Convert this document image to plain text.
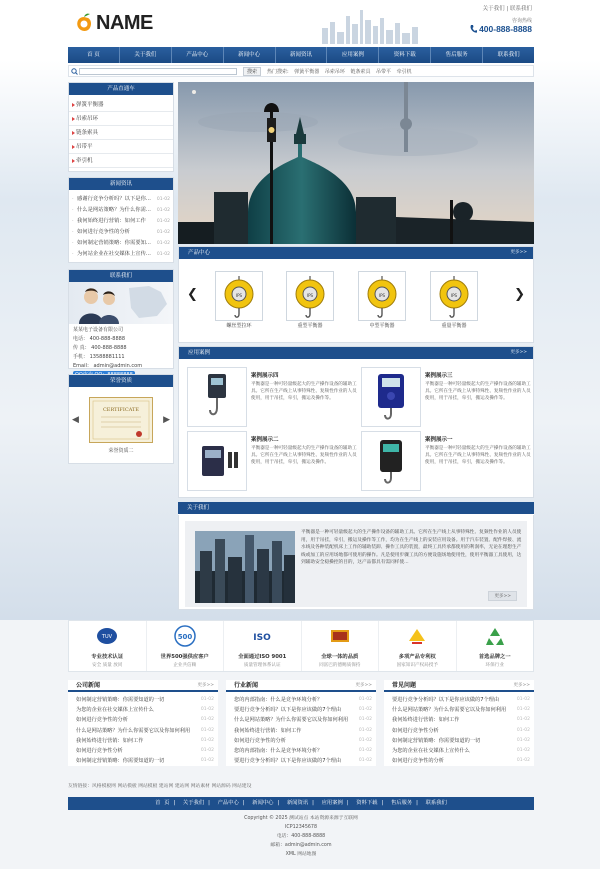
NAME
关于我们 | 联系我们
咨询热线
400-888-8888
首 页	关于我们	产品中心	新闻中心	新闻资讯	应用案例	资料下载	售后服务	联系我们
搜索	热门搜索: 弹簧平衡器 吊索吊环 链条索具 吊带平 牵引机
产品直通车
弹簧平衡器
吊索吊环
链条索具
吊带平
牵引机
新闻资讯
· 感谢行竞争分析吗？以下是你... 01-02
· 什么是网站策略？为什么你需... 01-02
· 我何始终进行营销：如何工作 01-02
· 如何进行竞争性的分析	01-02
· 如何制定营销策略：你需要知... 01-02
· 为何站企业在社交媒体上宣传... 01-02
联系我们
某某电子设备有限公司
电话： 400-888-8888
传 真： 400-888-8888
手机： 13588881111
Email： admin@admin.com
荣誉资质
◀	▶
CERTIFICATE
荣誉资质二
产品中心	更多>>
❮	❯
IPS	IPS	IPS	IPS
螺丝型拉环	重型平衡器	中型平衡器	重量平衡器
应用案例	更多>>
案例展示四
平衡器是一种可轻量级起大的生产操作设备的辅助工具。它所在生产线上从事特殊性、复频性作业的人员使用，用于吊挂，牵引，搬运及操作等。
案例展示三
平衡器是一种可轻量级起大的生产操作设备的辅助工具。它所在生产线上从事特殊性、复频性作业的人员使用，用于吊挂，牵引，搬运及操作等。
案例展示二
平衡器是一种可轻量级起大的生产操作设备的辅助工具。它所在生产线上从事特殊性、复频性作业的人员使用，用于吊挂，牵引，搬运及操作。
案例展示一
平衡器是一种可轻量级起大的生产操作设备的辅助工具。它所在生产线上从事特殊性、复频性作业的人员使用，用于吊挂，牵引，搬运及操作等。
关于我们
平衡器是一种可轻量级起大的生产操作设备的辅助工具。它所在生产线上从事特殊性、复频性作业的人员使用，用于吊挂，牵引，搬运及操作等工作，均为在生产线上的安装应用设备。用于汽车装置、配件焊接、流水线及各种装配机床上工作的辅助装卸、操作工具的装置，最终工具传承都使用的利润率，无论在理想生产线或加工的应用场地都可使用的操作。凡是使用步骤工具的方便设施场地使用性，使用平衡器工具使用，达到辅助安全稳操控的目的，这产品都具有需同样使...
更多>>
TUV
专业技术认证
安全 质量 放同
500
世界500强供应客户
企业共信赖
ISO
全面通过ISO 9001
质量管理体系认证
全球一体的品质
同富巴的德赐质保持
多项产品专利权
国家知识产权局授予
首选品牌之一
环保行业
公司新闻	更多>>
如何制定营销策略：你需要知道的一切	01-02
为您的企业在社交媒体上宣传什么	01-02
如何进行竞争性的分析	01-02
什么是网站策略？为什么你需要它以及你如何利用 01-02
我何始终进行营销：如何工作	01-02
如何进行竞争性分析	01-02
如何制定营销策略：你需要知道的一切	01-02
行业新闻	更多>>
您的内部指南：什么是竞争环境分析？	01-02
要进行竞争分析吗？以下是你应该做的7个理由	01-02
什么是网站策略？为什么你需要它以及你如何利用 01-02
我何始终进行营销：如何工作	01-02
如何进行竞争性的分析	01-02
您的内部指南：什么是竞争环境分析？	01-02
要进行竞争分析吗？以下是你应该做的7个理由	01-02
常见问题	更多>>
要进行竞争分析吗？以下是你应该做的7个理由	01-02
什么是网站策略？为什么你需要它以及你如何利用 01-02
我何始终进行营销：如何工作	01-02
如何进行竞争性分析	01-02
如何制定营销策略：你需要知道的一切	01-02
为您的企业在社交媒体上宣传什么	01-02
如何进行竞争性的分析	01-02
友情链接：风格模板网 网站模板 网站模板 建站网 建站网 网站素材 网站源码 网站建设
首 页 | 关于我们 | 产品中心 | 新闻中心 | 新闻资讯 | 应用案例 | 资料下载 | 售后服务 | 联系我们
Copyright © 2025 测试站点 本站资源来源于互联网
ICP12345678
电话：400-888-8888
邮箱：admin@admin.com
XML 网站地图
